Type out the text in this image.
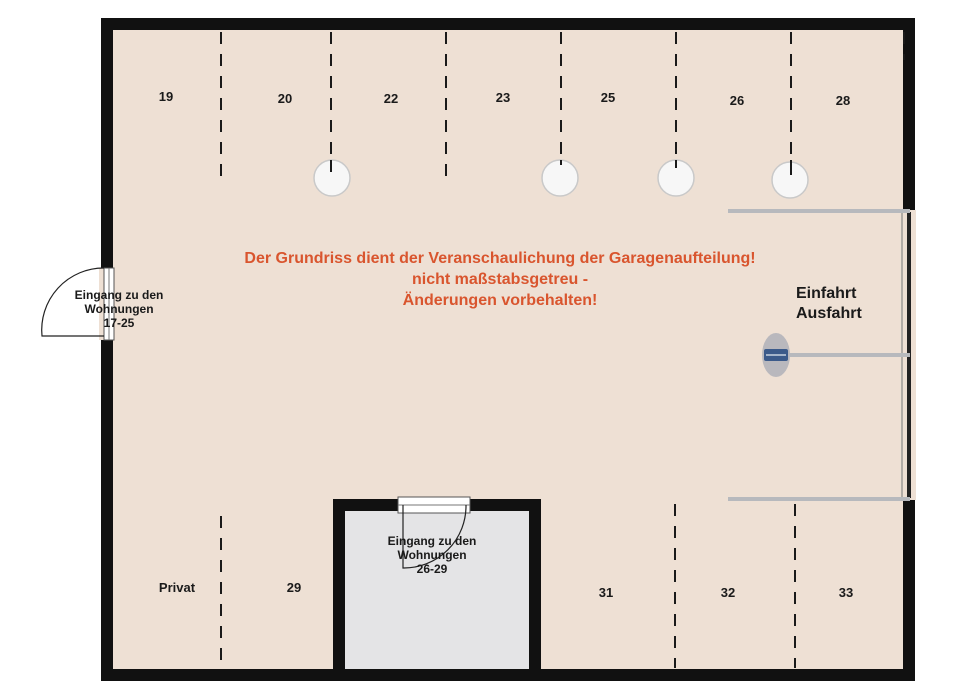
19	20	22	23	25	26	28
Privat	29	31	32	33
Der Grundriss dient der Veranschaulichung der Garagenaufteilung!
nicht maßstabsgetreu -
Änderungen vorbehalten!
Eingang zu den
Wohnungen
17-25
Eingang zu den
Wohnungen
26-29
Einfahrt
Ausfahrt
